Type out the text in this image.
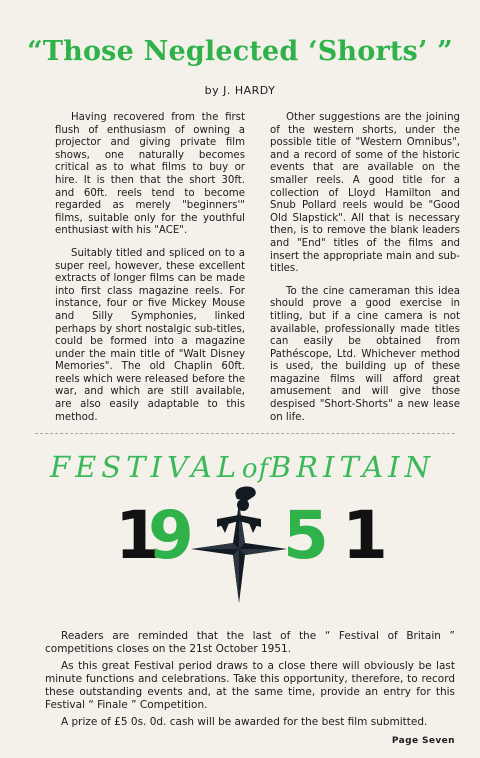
“Those Neglected ‘Shorts’ ”
by J. HARDY

Having recovered from the first flush of enthusiasm of owning a projector and giving private film shows, one naturally becomes critical as to what films to buy or hire. It is then that the short 30ft. and 60ft. reels tend to become regarded as merely "beginners'" films, suitable only for the youthful enthusiast with his "ACE".

Suitably titled and spliced on to a super reel, however, these excellent extracts of longer films can be made into first class magazine reels. For instance, four or five Mickey Mouse and Silly Symphonies, linked perhaps by short nostalgic sub-titles, could be formed into a magazine under the main title of "Walt Disney Memories". The old Chaplin 60ft. reels which were released before the war, and which are still available, are also easily adaptable to this method.

Other suggestions are the joining of the western shorts, under the possible title of "Western Omnibus", and a record of some of the historic events that are available on the smaller reels. A good title for a collection of Lloyd Hamilton and Snub Pollard reels would be "Good Old Slapstick". All that is necessary then, is to remove the blank leaders and "End" titles of the films and insert the appropriate main and sub-titles.

To the cine cameraman this idea should prove a good exercise in titling, but if a cine camera is not available, professionally made titles can easily be obtained from Pathéscope, Ltd. Whichever method is used, the building up of these magazine films will afford great amusement and will give those despised "Short-Shorts" a new lease on life.

FESTIVAL of BRITAIN
1
9 5 1

Readers are reminded that the last of the “ Festival of Britain ” competitions closes on the 21st October 1951.

As this great Festival period draws to a close there will obviously be last minute functions and celebrations. Take this opportunity, therefore, to record these outstanding events and, at the same time, provide an entry for this Festival “ Finale ” Competition.

A prize of £5 0s. 0d. cash will be awarded for the best film submitted.

Page Seven
